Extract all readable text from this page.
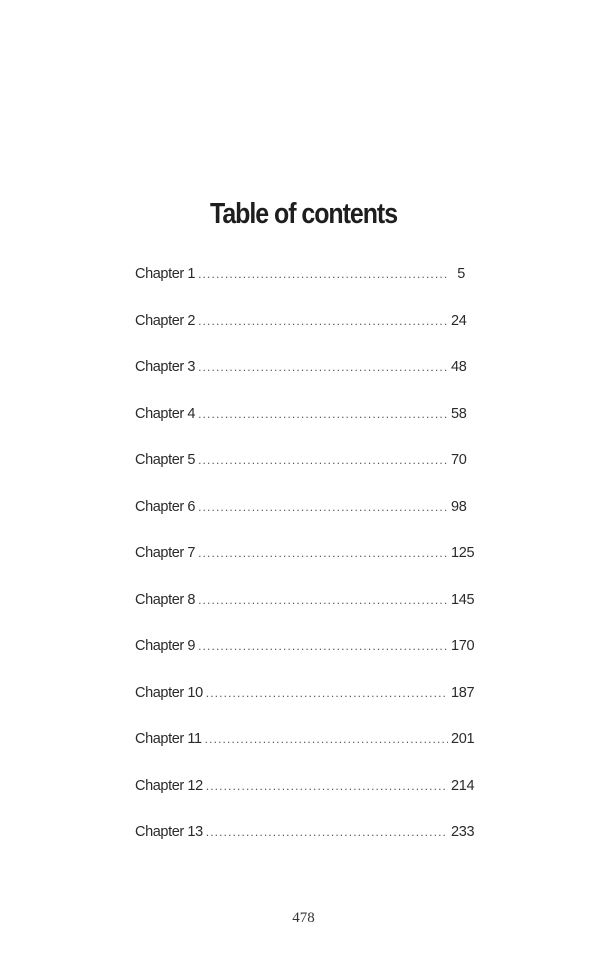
Table of contents
Chapter 1 . . .	5
Chapter 2 . . .	24
Chapter 3 . . .	48
Chapter 4 . . .	58
Chapter 5 . . .	70
Chapter 6 . . .	98
Chapter 7 . . .	125
Chapter 8 . . .	145
Chapter 9 . . .	170
Chapter 10 . . .	187
Chapter 11 . . .	201
Chapter 12 . . .	214
Chapter 13 . . .	233
478
